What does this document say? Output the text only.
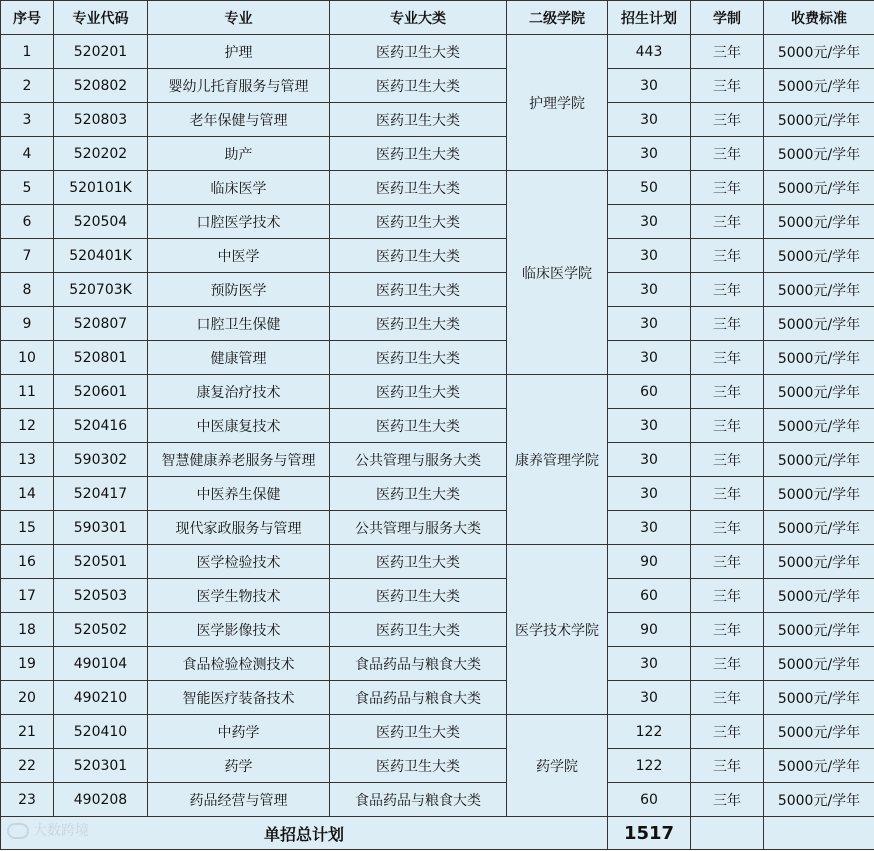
序号	专业代码	专业	专业大类	二级学院	招生计划	学制	收费标准
1	520201	护理	医药卫生大类	护理学院	443	三年	5000元/学年
2	520802	婴幼儿托育服务与管理	医药卫生大类		30	三年	5000元/学年
3	520803	老年保健与管理	医药卫生大类		30	三年	5000元/学年
4	520202	助产	医药卫生大类		30	三年	5000元/学年
5	520101K	临床医学	医药卫生大类	临床医学院	50	三年	5000元/学年
6	520504	口腔医学技术	医药卫生大类		30	三年	5000元/学年
7	520401K	中医学	医药卫生大类		30	三年	5000元/学年
8	520703K	预防医学	医药卫生大类		30	三年	5000元/学年
9	520807	口腔卫生保健	医药卫生大类		30	三年	5000元/学年
10	520801	健康管理	医药卫生大类		30	三年	5000元/学年
11	520601	康复治疗技术	医药卫生大类	康养管理学院	60	三年	5000元/学年
12	520416	中医康复技术	医药卫生大类		30	三年	5000元/学年
13	590302	智慧健康养老服务与管理	公共管理与服务大类		30	三年	5000元/学年
14	520417	中医养生保健	医药卫生大类		30	三年	5000元/学年
15	590301	现代家政服务与管理	公共管理与服务大类		30	三年	5000元/学年
16	520501	医学检验技术	医药卫生大类	医学技术学院	90	三年	5000元/学年
17	520503	医学生物技术	医药卫生大类		60	三年	5000元/学年
18	520502	医学影像技术	医药卫生大类		90	三年	5000元/学年
19	490104	食品检验检测技术	食品药品与粮食大类		30	三年	5000元/学年
20	490210	智能医疗装备技术	食品药品与粮食大类		30	三年	5000元/学年
21	520410	中药学	医药卫生大类	药学院	122	三年	5000元/学年
22	520301	药学	医药卫生大类		122	三年	5000元/学年
23	490208	药品经营与管理	食品药品与粮食大类		60	三年	5000元/学年
单招总计划					1517		
大数跨境
